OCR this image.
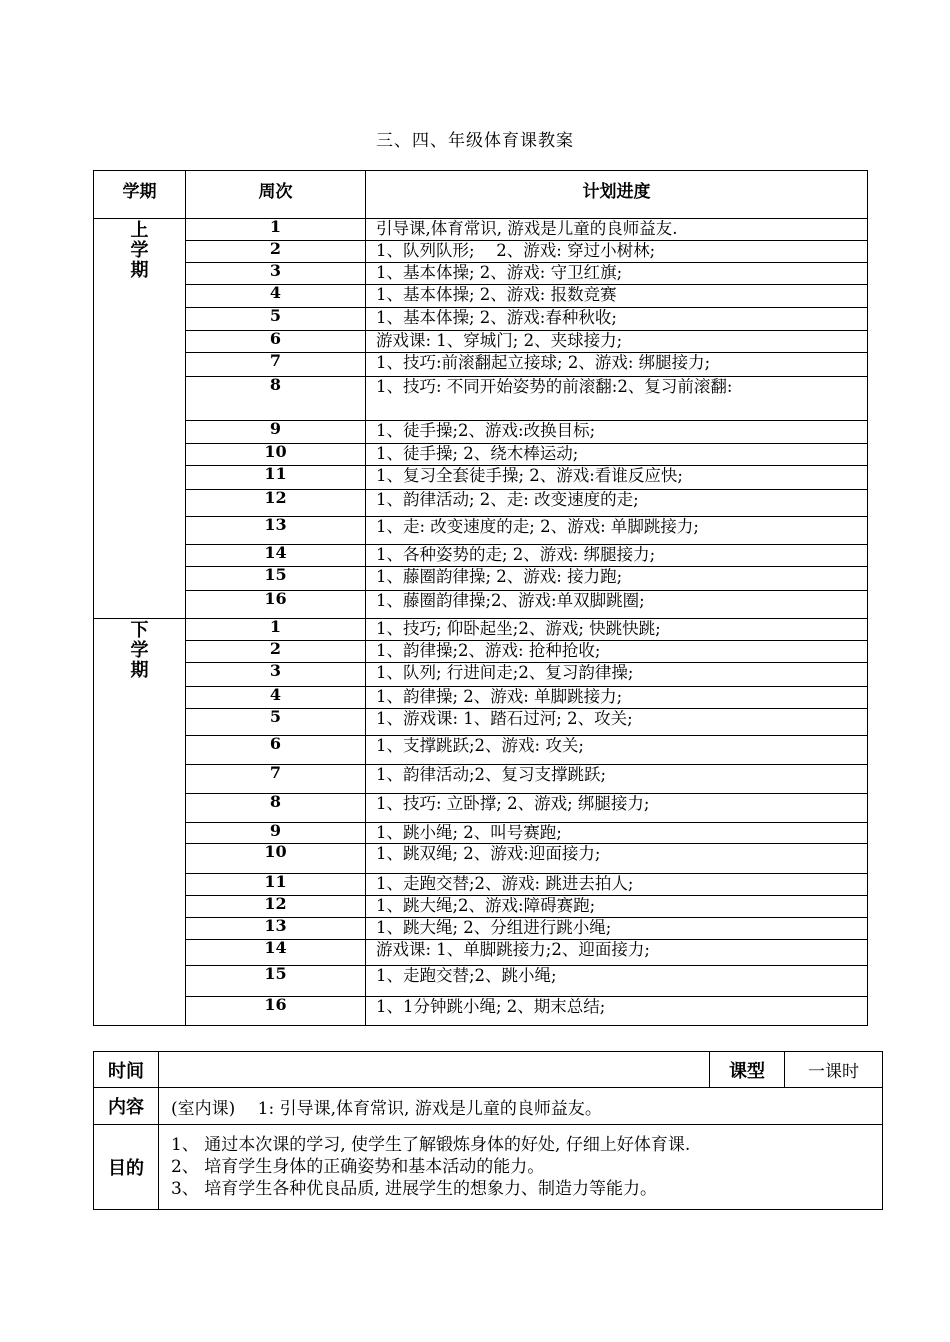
三、四、年级体育课教案
学期	周次	计划进度
上学期	1	引导课,体育常识, 游戏是儿童的良师益友.
	2	1、队列队形;　 2、游戏: 穿过小树林;
	3	1、基本体操; 2、游戏: 守卫红旗;
	4	1、基本体操; 2、游戏: 报数竞赛
	5	1、基本体操; 2、游戏:春种秋收;
	6	游戏课: 1、穿城门; 2、夹球接力;
	7	1、技巧:前滚翻起立接球; 2、游戏: 绑腿接力;
	8	1、技巧: 不同开始姿势的前滚翻:2、复习前滚翻:
	9	1、徒手操;2、游戏:改换目标;
	10	1、徒手操; 2、绕木棒运动;
	11	1、复习全套徒手操; 2、游戏:看谁反应快;
	12	1、韵律活动; 2、走: 改变速度的走;
	13	1、走: 改变速度的走; 2、游戏: 单脚跳接力;
	14	1、各种姿势的走; 2、游戏: 绑腿接力;
	15	1、藤圈韵律操; 2、游戏: 接力跑;
	16	1、藤圈韵律操;2、游戏:单双脚跳圈;
下学期	1	1、技巧; 仰卧起坐;2、游戏; 快跳快跳;
	2	1、韵律操;2、游戏: 抢种抢收;
	3	1、队列; 行进间走;2、复习韵律操;
	4	1、韵律操; 2、游戏: 单脚跳接力;
	5	1、游戏课: 1、踏石过河; 2、攻关;
	6	1、支撑跳跃;2、游戏: 攻关;
	7	1、韵律活动;2、复习支撑跳跃;
	8	1、技巧: 立卧撑; 2、游戏; 绑腿接力;
	9	1、跳小绳; 2、叫号赛跑;
	10	1、跳双绳; 2、游戏:迎面接力;
	11	1、走跑交替;2、游戏: 跳进去拍人;
	12	1、跳大绳;2、游戏:障碍赛跑;
	13	1、跳大绳; 2、分组进行跳小绳;
	14	游戏课: 1、单脚跳接力;2、迎面接力;
	15	1、走跑交替;2、跳小绳;
	16	1、1分钟跳小绳; 2、期末总结;
时间		课型	一课时
内容	(室内课)　 1: 引导课,体育常识, 游戏是儿童的良师益友。		
目的	1、 通过本次课的学习, 使学生了解锻炼身体的好处, 仔细上好体育课.
2、 培育学生身体的正确姿势和基本活动的能力。
3、 培育学生各种优良品质, 进展学生的想象力、制造力等能力。		
